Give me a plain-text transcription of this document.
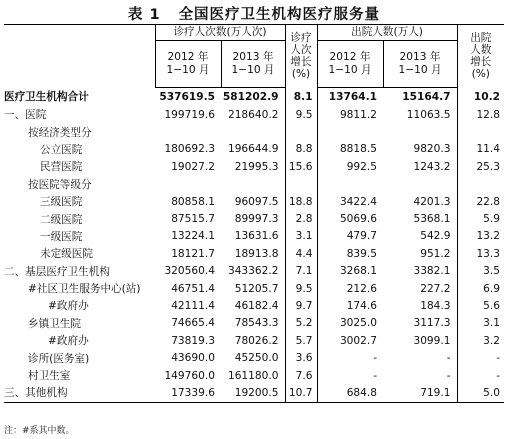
表 1 全国医疗卫生机构医疗服务量
	诊疗人次数(万人次)		诊疗人次增长(%)	出院人数(万人)		出院人数增长(%)

	2012 年 1−10 月	2013 年 1−10 月		2012 年 1−10 月	2013 年 1−10 月	

医疗卫生机构合计	537619.5	581202.9	8.1	13764.1	15164.7	10.2
一、医院	199719.6	218640.2	9.5	9811.2	11063.5	12.8
按经济类型分						
公立医院	180692.3	196644.9	8.8	8818.5	9820.3	11.4
民营医院	19027.2	21995.3	15.6	992.5	1243.2	25.3
按医院等级分						
三级医院	80858.1	96097.5	18.8	3422.4	4201.3	22.8
二级医院	87515.7	89997.3	2.8	5069.6	5368.1	5.9
一级医院	13224.1	13631.6	3.1	479.7	542.9	13.2
未定级医院	18121.7	18913.8	4.4	839.5	951.2	13.3
二、基层医疗卫生机构	320560.4	343362.2	7.1	3268.1	3382.1	3.5
#社区卫生服务中心(站)	46751.4	51205.7	9.5	212.6	227.2	6.9
#政府办	42111.4	46182.4	9.7	174.6	184.3	5.6
乡镇卫生院	74665.4	78543.3	5.2	3025.0	3117.3	3.1
#政府办	73819.3	78026.2	5.7	3002.7	3099.1	3.2
诊所(医务室)	43690.0	45250.0	3.6	-	-	-
村卫生室	149760.0	161180.0	7.6	-	-	-
三、其他机构	17339.6	19200.5	10.7	684.8	719.1	5.0
注：#系其中数。
